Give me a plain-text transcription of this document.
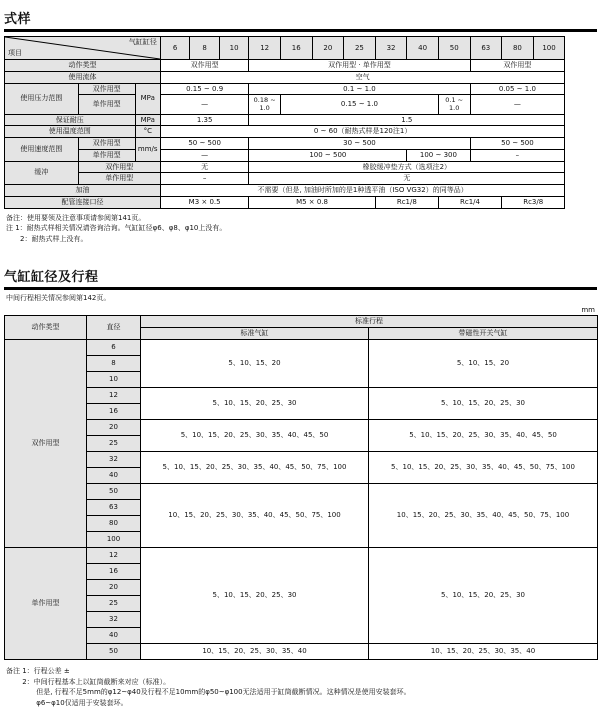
式样
项目
气缸缸径			6	8	10	12	16	20	25	32	40	50	63	80	100
动作类型			双作用型			双作用型 · 单作用型							双作用型		
使用流体			空气												
使用压力范围	双作用型	MPa	0.15 ~ 0.9			0.1 ~ 1.0							0.05 ~ 1.0		
	单作用型		—			0.18 ~ 1.0	0.15 ~ 1.0					0.1 ~ 1.0	—		
保证耐压		MPa	1.35			1.5									
使用温度范围		°C	0 ~ 60（耐热式样是120注1）												
使用速度范围	双作用型	mm/s	50 ~ 500			30 ~ 500							50 ~ 500		
	单作用型		—			100 ~ 500					100 ~ 300		–		
缓冲	双作用型		无			橡胶缓冲垫方式（选项注2）									
	单作用型		–			无									
加油			不需要（但是, 加油时所加的是1种透平油（ISO VG32）的同等品）												
配管连接口径			M3 × 0.5			M5 × 0.8				Rc1/8		Rc1/4		Rc3/8	
备注：使用要领及注意事项请参阅第141页。
注 1：耐热式样相关情况请咨询洽询。气缸缸径φ6、φ8、φ10上没有。
　　2：耐热式样上没有。
气缸缸径及行程
中间行程相关情况参阅第142页。
mm
动作类型	直径	标准行程	
		标准气缸	带磁性开关气缸
双作用型	6	5、10、15、20	5、10、15、20
	8		
	10		
	12	5、10、15、20、25、30	5、10、15、20、25、30
	16		
	20	5、10、15、20、25、30、35、40、45、50	5、10、15、20、25、30、35、40、45、50
	25		
	32	5、10、15、20、25、30、35、40、45、50、75、100	5、10、15、20、25、30、35、40、45、50、75、100
	40		
	50	10、15、20、25、30、35、40、45、50、75、100	10、15、20、25、30、35、40、45、50、75、100
	63		
	80		
	100		
单作用型	12	5、10、15、20、25、30	5、10、15、20、25、30
	16		
	20		
	25		
	32		
	40		
	50	10、15、20、25、30、35、40	10、15、20、25、30、35、40
备注 1：行程公差 ±
　　 2：中间行程基本上以缸筒截断来对应（标准）。
　　　　 但是, 行程不足5mm的φ12~φ40及行程不足10mm的φ50~φ100无法适用于缸筒截断情况。这种情况是使用安装套环。
　　　　 φ6~φ10仅适用于安装套环。
